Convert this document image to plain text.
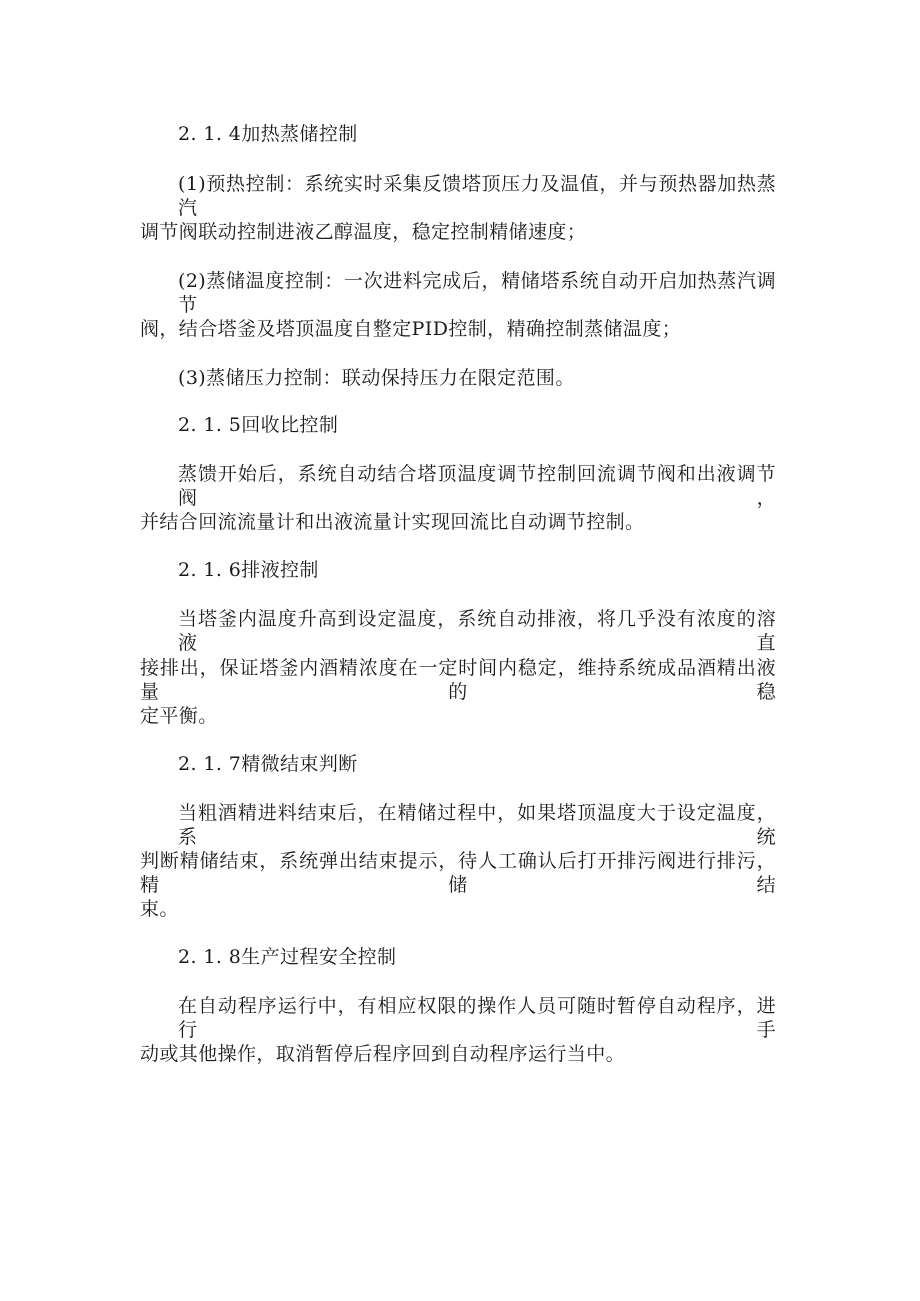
2. 1. 4加热蒸储控制
(1)预热控制：系统实时采集反馈塔顶压力及温值，并与预热器加热蒸汽
调节阀联动控制进液乙醇温度，稳定控制精储速度；
(2)蒸储温度控制：一次进料完成后，精储塔系统自动开启加热蒸汽调节
阀，结合塔釜及塔顶温度自整定PID控制，精确控制蒸储温度；
(3)蒸储压力控制：联动保持压力在限定范围。
2. 1. 5回收比控制
蒸馈开始后，系统自动结合塔顶温度调节控制回流调节阀和出液调节阀，
并结合回流流量计和出液流量计实现回流比自动调节控制。
2. 1. 6排液控制
当塔釜内温度升高到设定温度，系统自动排液，将几乎没有浓度的溶液直
接排出，保证塔釜内酒精浓度在一定时间内稳定，维持系统成品酒精出液量的稳
定平衡。
2. 1. 7精微结束判断
当粗酒精进料结束后，在精储过程中，如果塔顶温度大于设定温度，系统
判断精储结束，系统弹出结束提示，待人工确认后打开排污阀进行排污，精储结
束。
2. 1. 8生产过程安全控制
在自动程序运行中，有相应权限的操作人员可随时暂停自动程序，进行手
动或其他操作，取消暂停后程序回到自动程序运行当中。
